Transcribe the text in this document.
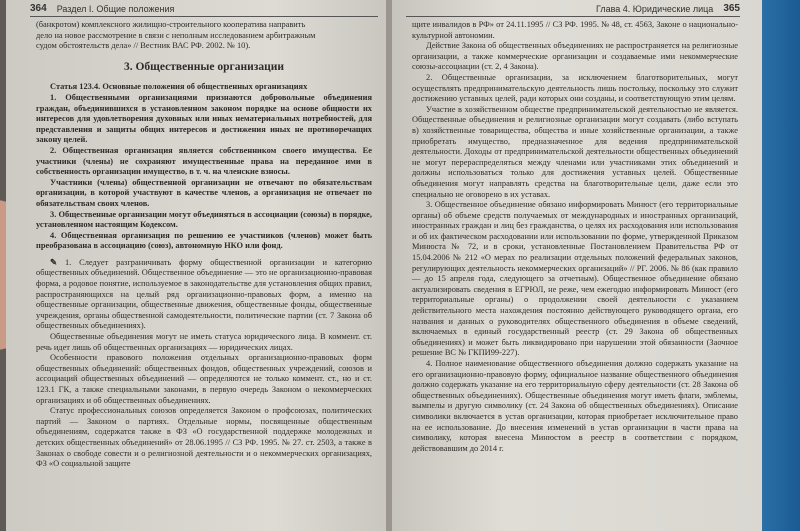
364 Раздел I. Общие положения

(банкротом) комплексного жилищно-строительного кооператива направить

дело на новое рассмотрение в связи с неполным исследованием арбитражным

судом обстоятельств дела» // Вестник ВАС РФ. 2002. № 10).

3. Общественные организации

Статья 123.4. Основные положения об общественных организациях

1. Общественными организациями признаются добровольные объединения граждан, объединившихся в установленном законом порядке на основе общности их интересов для удовлетворения духовных или иных нематериальных потребностей, для представления и защиты общих интересов и достижения иных не противоречащих закону целей.

2. Общественная организация является собственником своего имущества. Ее участники (члены) не сохраняют имущественные права на переданное ими в собственность организации имущество, в т. ч. на членские взносы.

Участники (члены) общественной организации не отвечают по обязательствам организации, в которой участвуют в качестве членов, а организация не отвечает по обязательствам своих членов.

3. Общественные организации могут объединяться в ассоциации (союзы) в порядке, установленном настоящим Кодексом.

4. Общественная организация по решению ее участников (членов) может быть преобразована в ассоциацию (союз), автономную НКО или фонд.

✎ 1. Следует разграничивать форму общественной организации и категорию общественных объединений. Общественное объединение — это не организационно-правовая форма, а родовое понятие, используемое в законодательстве для установления общих правил, распространяющихся на целый ряд организационно-правовых форм, а именно на общественные организации, общественные движения, общественные фонды, общественные учреждения, органы общественной самодеятельности, политические партии (ст. 7 Закона об общественных объединениях).

Общественные объединения могут не иметь статуса юридического лица. В коммент. ст. речь идет лишь об общественных организациях — юридических лицах.

Особенности правового положения отдельных организационно-правовых форм общественных объединений: общественных фондов, общественных учреждений, союзов и ассоциаций общественных объединений — определяются не только коммент. ст., но и ст. 123.1 ГК, а также специальными законами, в первую очередь Законом о некоммерческих организациях и об общественных объединениях.

Статус профессиональных союзов определяется Законом о профсоюзах, политических партий — Законом о партиях. Отдельные нормы, посвященные общественным объединениям, содержатся также в ФЗ «О государственной поддержке молодежных и детских общественных объединений» от 28.06.1995 // СЗ РФ. 1995. № 27. ст. 2503, а также в Законах о свободе совести и о религиозной деятельности и о некоммерческих организациях, ФЗ «О социальной защите

Глава 4. Юридические лица 365

щите инвалидов в РФ» от 24.11.1995 // СЗ РФ. 1995. № 48, ст. 4563, Законе о национально-культурной автономии.

Действие Закона об общественных объединениях не распространяется на религиозные организации, а также коммерческие организации и создаваемые ими некоммерческие союзы-ассоциации (ст. 2, 4 Закона).

2. Общественные организации, за исключением благотворительных, могут осуществлять предпринимательскую деятельность лишь постольку, поскольку это служит достижению уставных целей, ради которых они созданы, и соответствующую этим целям.

Участие в хозяйственном обществе предпринимательской деятельностью не является. Общественные объединения и религиозные организации могут создавать (либо вступать в) хозяйственные товарищества, общества и иные хозяйственные организации, а также приобретать имущество, предназначенное для ведения предпринимательской деятельности. Доходы от предпринимательской деятельности общественных объединений не могут перераспределяться между членами или участниками этих объединений и должны использоваться только для достижения уставных целей. Общественные объединения могут направлять средства на благотворительные цели, даже если это специально не оговорено в их уставах.

3. Общественное объединение обязано информировать Минюст (его территориальные органы) об объеме средств получаемых от международных и иностранных организаций, иностранных граждан и лиц без гражданства, о целях их расходования или использования и об их фактическом расходовании или использовании по форме, утвержденной Приказом Минюста № 72, и в сроки, установленные Постановлением Правительства РФ от 15.04.2006 № 212 «О мерах по реализации отдельных положений федеральных законов, регулирующих деятельность некоммерческих организаций» // РГ. 2006. № 86 (как правило — до 15 апреля года, следующего за отчетным). Общественное объединение обязано актуализировать сведения в ЕГРЮЛ, не реже, чем ежегодно информировать Минюст (его территориальные органы) о продолжении своей деятельности с указанием действительного места нахождения постоянно действующего руководящего органа, его названия и данных о руководителях общественного объединения в объеме сведений, включаемых в единый государственный реестр (ст. 29 Закона об общественных объединениях) и может быть ликвидировано при нарушении этой обязанности (Заочное решение ВС № ГКПИ99-227).

4. Полное наименование общественного объединения должно содержать указание на его организационно-правовую форму, официальное название общественного объединения должно содержать указание на его территориальную сферу деятельности (ст. 28 Закона об общественных объединениях). Общественные объединения могут иметь флаги, эмблемы, вымпелы и другую символику (ст. 24 Закона об общественных объединениях). Описание символики включается в устав организации, которая приобретает исключительное право на ее использование. До внесения изменений в устав организации в части права на символику, которая внесена Минюстом в реестр в соответствии с порядком, действовавшим до 2014 г.
